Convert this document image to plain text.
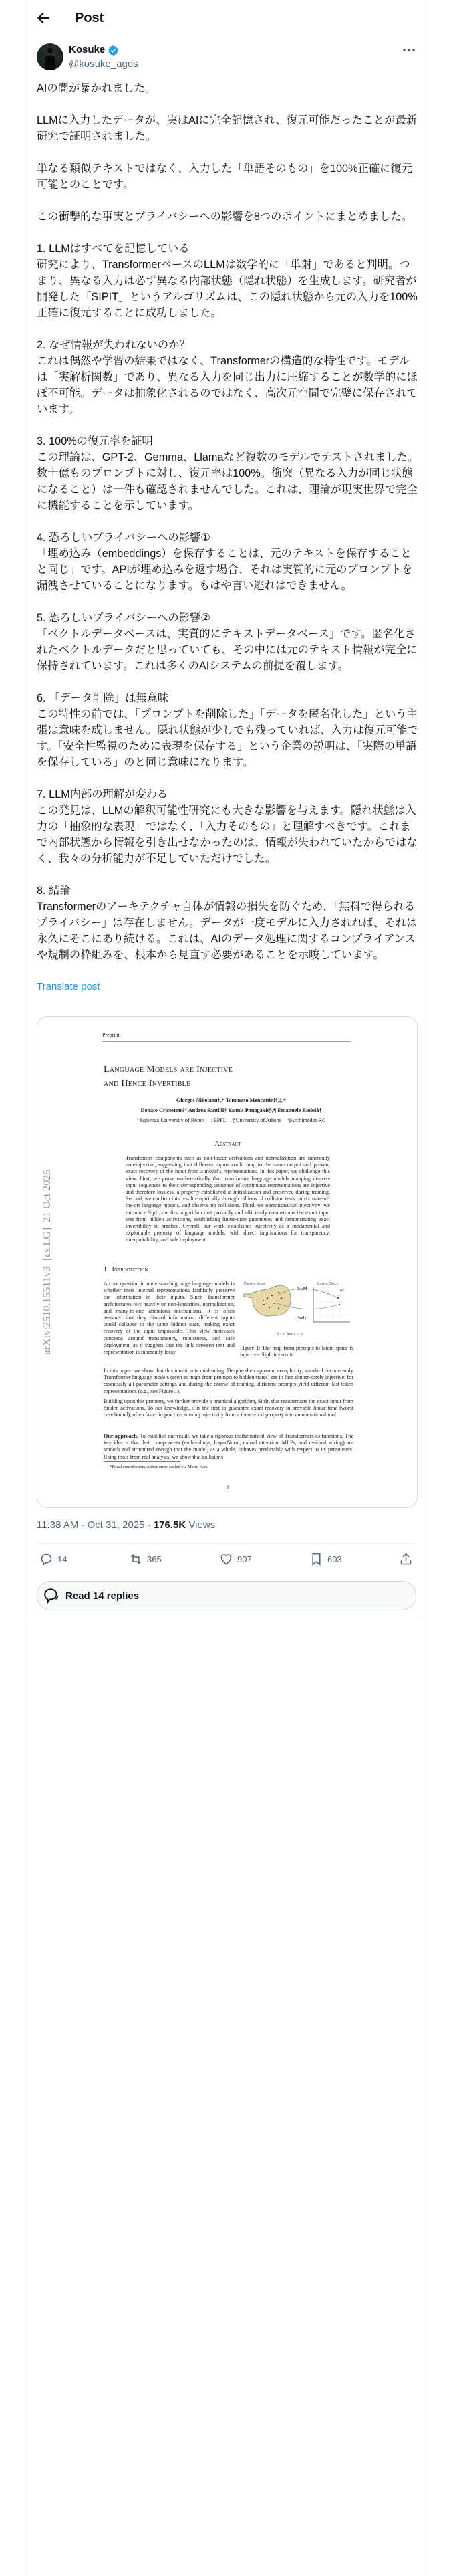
Post
Kosuke
@kosuke_agos

AIの闇が暴かれました。

LLMに入力したデータが、実はAIに完全記憶され、復元可能だったことが最新研究で証明されました。

単なる類似テキストではなく、入力した「単語そのもの」を100%正確に復元可能とのことです。

この衝撃的な事実とプライバシーへの影響を8つのポイントにまとめました。

1. LLMはすべてを記憶している
研究により、TransformerベースのLLMは数学的に「単射」であると判明。つまり、異なる入力は必ず異なる内部状態（隠れ状態）を生成します。研究者が開発した「SIPIT」というアルゴリズムは、この隠れ状態から元の入力を100%正確に復元することに成功しました。

2. なぜ情報が失われないのか？
これは偶然や学習の結果ではなく、Transformerの構造的な特性です。モデルは「実解析関数」であり、異なる入力を同じ出力に圧縮することが数学的にほぼ不可能。データは抽象化されるのではなく、高次元空間で完璧に保存されています。

3. 100%の復元率を証明
この理論は、GPT-2、Gemma、Llamaなど複数のモデルでテストされました。数十億ものプロンプトに対し、復元率は100%。衝突（異なる入力が同じ状態になること）は一件も確認されませんでした。これは、理論が現実世界で完全に機能することを示しています。

4. 恐ろしいプライバシーへの影響①
「埋め込み（embeddings）を保存することは、元のテキストを保存することと同じ」です。APIが埋め込みを返す場合、それは実質的に元のプロンプトを漏洩させていることになります。もはや言い逃れはできません。

5. 恐ろしいプライバシーへの影響②
「ベクトルデータベースは、実質的にテキストデータベース」です。匿名化されたベクトルデータだと思っていても、その中には元のテキスト情報が完全に保持されています。これは多くのAIシステムの前提を覆します。

6. 「データ削除」は無意味
この特性の前では、「プロンプトを削除した」「データを匿名化した」という主張は意味を成しません。隠れ状態が少しでも残っていれば、入力は復元可能です。「安全性監視のために表現を保存する」という企業の説明は、「実際の単語を保存している」のと同じ意味になります。

7. LLM内部の理解が変わる
この発見は、LLMの解釈可能性研究にも大きな影響を与えます。隠れ状態は入力の「抽象的な表現」ではなく、「入力そのもの」と理解すべきです。これまで内部状態から情報を引き出せなかったのは、情報が失われていたからではなく、我々の分析能力が不足していただけでした。

8. 結論
Transformerのアーキテクチャ自体が情報の損失を防ぐため、「無料で得られるプライバシー」は存在しません。データが一度モデルに入力されれば、それは永久にそこにあり続ける。これは、AIのデータ処理に関するコンプライアンスや規制の枠組みを、根本から見直す必要があることを示唆しています。

Translate post
Preprint.
Language Models are Injective
and Hence Invertible
Giorgos Nikolaou†,* Tommaso Mencattini†,‡,*
Donato Crisostomi† Andrea Santilli† Yannis Panagakis§,¶ Emanuele Rodolà†
†Sapienza University of Rome     ‡EPFL     §University of Athens     ¶Archimedes RC
Abstract
Transformer components such as non-linear activations and normalization are inherently non-injective, suggesting that different inputs could map to the same output and prevent exact recovery of the input from a model's representations. In this paper, we challenge this view. First, we prove mathematically that transformer language models mapping discrete input sequences to their corresponding sequence of continuous representations are injective and therefore lossless, a property established at initialization and preserved during training. Second, we confirm this result empirically through billions of collision tests on six state-of-the-art language models, and observe no collisions. Third, we operationalize injectivity: we introduce SipIt, the first algorithm that provably and efficiently reconstructs the exact input text from hidden activations, establishing linear-time guarantees and demonstrating exact invertibility in practice. Overall, our work establishes injectivity as a fundamental and exploitable property of language models, with direct implications for transparency, interpretability, and safe deployment.
1   Introduction
A core question in understanding large language models is whether their internal representations faithfully preserve the information in their inputs. Since Transformer architectures rely heavily on non-linearities, normalization, and many-to-one attentions mechanisms, it is often assumed that they discard information: different inputs could collapse to the same hidden state, making exact recovery of the input impossible. This view motivates concerns around transparency, robustness, and safe deployment, as it suggests that the link between text and representation is inherently lossy.
Prompt Space	Latent Space
LLM
SipIt
Rᵈ
δ > 0 ⟹ ε > 0
Figure 1: The map from prompts to latent space is injective. SipIt inverts it.
In this paper, we show that this intuition is misleading. Despite their apparent complexity, standard decoder-only Transformer language models (seen as maps from prompts to hidden states) are in fact almost-surely injective; for essentially all parameter settings and during the course of training, different prompts yield different last-token representations (e.g., see Figure 1).
Building upon this property, we further provide a practical algorithm, SipIt, that reconstructs the exact input from hidden activations. To our knowledge, it is the first to guarantee exact recovery in provable linear time (worst case bound), often faster in practice, turning injectivity from a theoretical property into an operational tool.
Our approach. To establish our result, we take a rigorous mathematical view of Transformers as functions. The key idea is that their components (embeddings, LayerNorm, causal attention, MLPs, and residual wiring) are smooth and structured enough that the model, as a whole, behaves predictably with respect to its parameters. Using tools from real analysis, we show that collisions
*Equal contribution; author order settled via Mario Kart.
1
arXiv:2510.15511v3  [cs.LG]  21 Oct 2025
11:38 AM · Oct 31, 2025 · 176.5K Views
14	365	907	603
Read 14 replies
